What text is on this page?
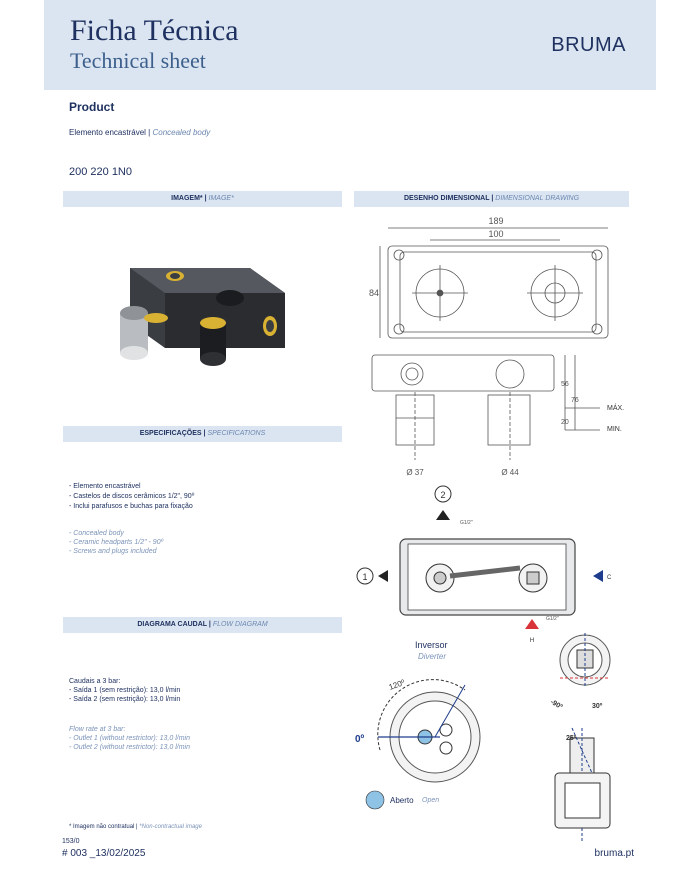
Ficha Técnica
Technical sheet
BRUMA
Product
Elemento encastrável | Concealed body
200 220 1N0
IMAGEM* | IMAGE*	DESENHO DIMENSIONAL | DIMENSIONAL DRAWING
ESPECIFICAÇÕES | SPECIFICATIONS
DIAGRAMA CAUDAL | FLOW DIAGRAM
- Elemento encastrável
- Castelos de discos cerâmicos 1/2", 90º
- Inclui parafusos e buchas para fixação
- Concealed body
- Ceramic headparts 1/2" - 90º
- Screws and plugs included
Caudais a 3 bar:
- Saída 1 (sem restrição): 13,0 l/min
- Saída 2 (sem restrição): 13,0 l/min
Flow rate at 3 bar:
- Outlet 1 (without restrictor): 13,0 l/min
- Outlet 2 (without restrictor): 13,0 l/min
189
100
84
Ø 37	Ø 44
MÁX.
MIN.
56
76
20
2
G1/2"
1	C
H
G1/2"
Inversor
Diverter
120º
0º
Aberto Open
-90º	30º
25º
* Imagem não contratual | *Non-contractual image
153/0
# 003 _13/02/2025	bruma.pt
